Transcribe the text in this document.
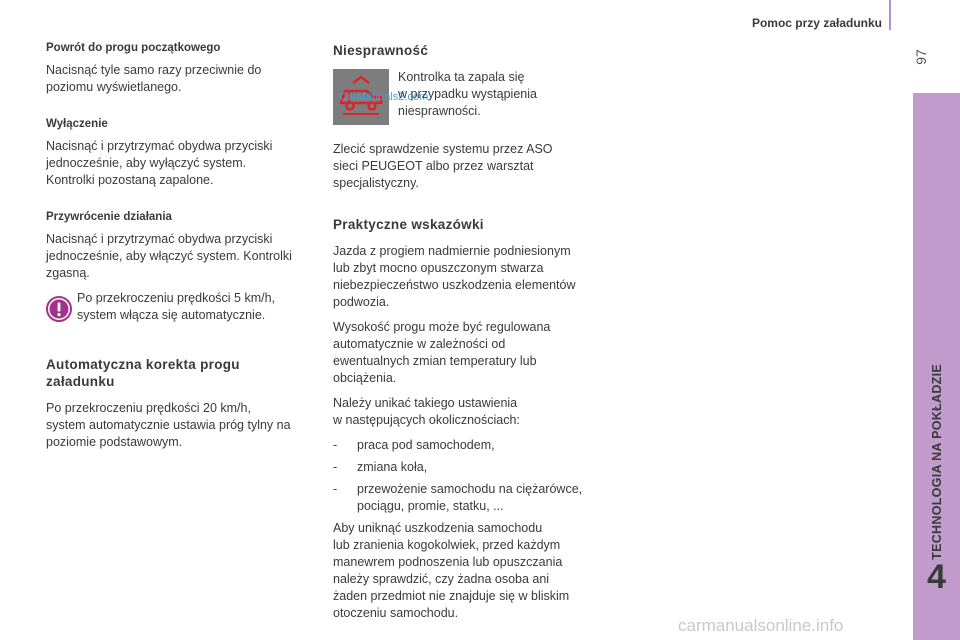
Pomoc przy załadunku
97
TECHNOLOGIA NA POKŁADZIE
4
Powrót do progu początkowego
Nacisnąć tyle samo razy przeciwnie do
poziomu wyświetlanego.
Wyłączenie
Nacisnąć i przytrzymać obydwa przyciski
jednocześnie, aby wyłączyć system.
Kontrolki pozostaną zapalone.
Przywrócenie działania
Nacisnąć i przytrzymać obydwa przyciski
jednocześnie, aby włączyć system. Kontrolki
zgasną.
Po przekroczeniu prędkości 5 km/h,
system włącza się automatycznie.
Automatyczna korekta progu
załadunku
Po przekroczeniu prędkości 20 km/h,
system automatycznie ustawia próg tylny na
poziomie podstawowym.
Niesprawność
CarManuals2.com
Kontrolka ta zapala się
w przypadku wystąpienia
niesprawności.
Zlecić sprawdzenie systemu przez ASO
sieci PEUGEOT albo przez warsztat
specjalistyczny.
Praktyczne wskazówki
Jazda z progiem nadmiernie podniesionym
lub zbyt mocno opuszczonym stwarza
niebezpieczeństwo uszkodzenia elementów
podwozia.
Wysokość progu może być regulowana
automatycznie w zależności od
ewentualnych zmian temperatury lub
obciążenia.
Należy unikać takiego ustawienia
w następujących okolicznościach:
-	praca pod samochodem,
-	zmiana koła,
-	przewożenie samochodu na ciężarówce,
pociągu, promie, statku, ...
Aby uniknąć uszkodzenia samochodu
lub zranienia kogokolwiek, przed każdym
manewrem podnoszenia lub opuszczania
należy sprawdzić, czy żadna osoba ani
żaden przedmiot nie znajduje się w bliskim
otoczeniu samochodu.
carmanualsonline.info
